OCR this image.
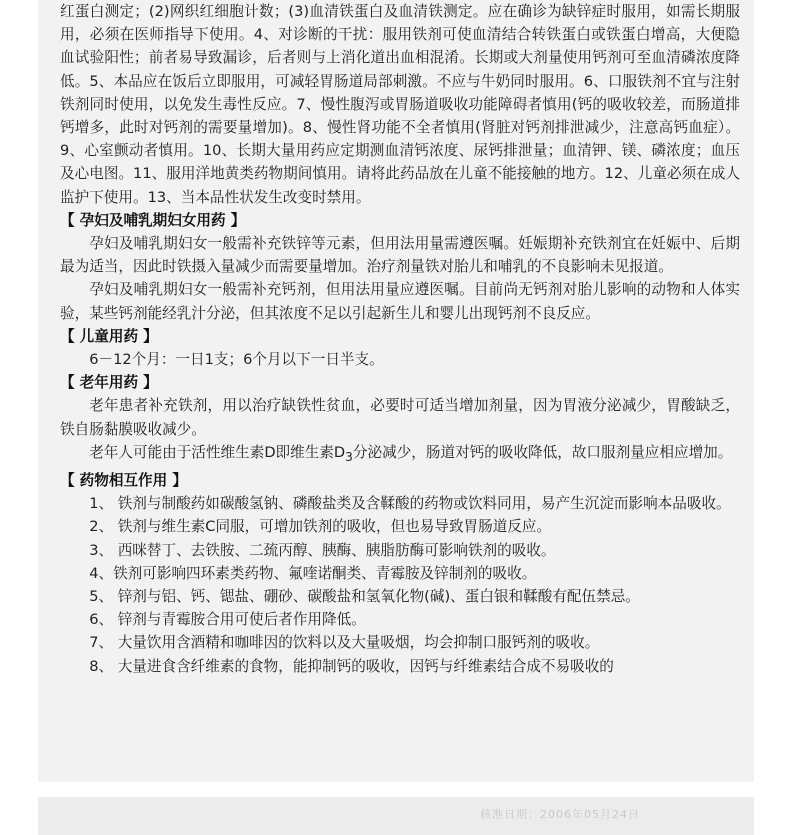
核准日期：2006年05月24日

红蛋白测定；(2)网织红细胞计数；(3)血清铁蛋白及血清铁测定。应在确诊为缺锌症时服用，如需长期服用，必须在医师指导下使用。4、对诊断的干扰：服用铁剂可使血清结合转铁蛋白或铁蛋白增高，大便隐血试验阳性；前者易导致漏诊，后者则与上消化道出血相混淆。长期或大剂量使用钙剂可至血清磷浓度降低。5、本品应在饭后立即服用，可减轻胃肠道局部刺激。不应与牛奶同时服用。6、口服铁剂不宜与注射铁剂同时使用，以免发生毒性反应。7、慢性腹泻或胃肠道吸收功能障碍者慎用(钙的吸收较差，而肠道排钙增多，此时对钙剂的需要量增加)。8、慢性肾功能不全者慎用(肾脏对钙剂排泄减少，注意高钙血症）。9、心室颤动者慎用。10、长期大量用药应定期测血清钙浓度、尿钙排泄量；血清钾、镁、磷浓度；血压及心电图。11、服用洋地黄类药物期间慎用。请将此药品放在儿童不能接触的地方。12、儿童必须在成人监护下使用。13、当本品性状发生改变时禁用。

【 孕妇及哺乳期妇女用药 】

孕妇及哺乳期妇女一般需补充铁锌等元素，但用法用量需遵医嘱。妊娠期补充铁剂宜在妊娠中、后期最为适当，因此时铁摄入量减少而需要量增加。治疗剂量铁对胎儿和哺乳的不良影响未见报道。

孕妇及哺乳期妇女一般需补充钙剂，但用法用量应遵医嘱。目前尚无钙剂对胎儿影响的动物和人体实验，某些钙剂能经乳汁分泌，但其浓度不足以引起新生儿和婴儿出现钙剂不良反应。

【 儿童用药 】

6－12个月：一日1支；6个月以下一日半支。

【 老年用药 】

老年患者补充铁剂，用以治疗缺铁性贫血，必要时可适当增加剂量，因为胃液分泌减少，胃酸缺乏，铁自肠黏膜吸收减少。

老年人可能由于活性维生素D即维生素$D_3$分泌减少，肠道对钙的吸收降低，故口服剂量应相应增加。

【 药物相互作用 】

1、 铁剂与制酸药如碳酸氢钠、磷酸盐类及含鞣酸的药物或饮料同用，易产生沉淀而影响本品吸收。

2、 铁剂与维生素C同服，可增加铁剂的吸收，但也易导致胃肠道反应。

3、 西咪替丁、去铁胺、二巯丙醇、胰酶、胰脂肪酶可影响铁剂的吸收。

4、铁剂可影响四环素类药物、氟喹诺酮类、青霉胺及锌制剂的吸收。

5、 锌剂与铝、钙、锶盐、硼砂、碳酸盐和氢氧化物(碱)、蛋白银和鞣酸有配伍禁忌。

6、 锌剂与青霉胺合用可使后者作用降低。

7、 大量饮用含酒精和咖啡因的饮料以及大量吸烟，均会抑制口服钙剂的吸收。

8、 大量进食含纤维素的食物，能抑制钙的吸收，因钙与纤维素结合成不易吸收的
